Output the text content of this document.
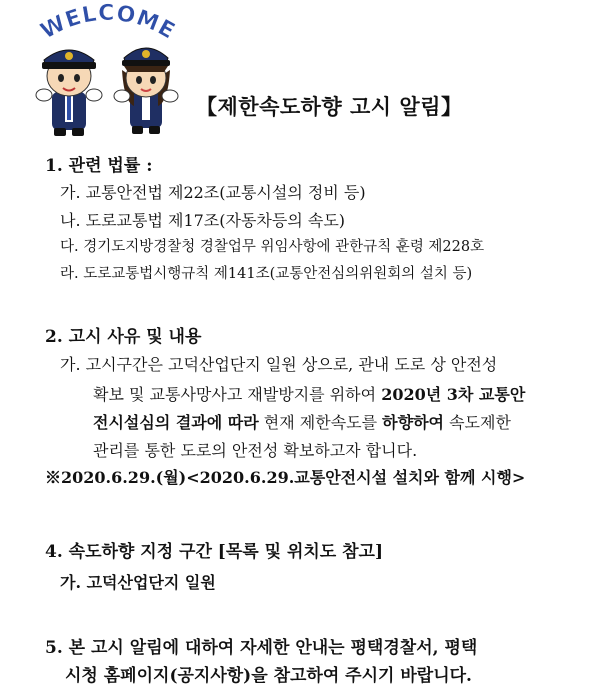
WELCOME
【제한속도하향 고시 알림】
1. 관련 법률 :
가. 교통안전법 제22조(교통시설의 정비 등)
나. 도로교통법 제17조(자동차등의 속도)
다. 경기도지방경찰청 경찰업무 위임사항에 관한규칙 훈령 제228호
라. 도로교통법시행규칙 제141조(교통안전심의위원회의 설치 등)
2. 고시 사유 및 내용
가. 고시구간은 고덕산업단지 일원 상으로, 관내 도로 상 안전성
확보 및 교통사망사고 재발방지를 위하여 2020년 3차 교통안
전시설심의 결과에 따라 현재 제한속도를 하향하여 속도제한
관리를 통한 도로의 안전성 확보하고자 합니다.
※2020.6.29.(월)<2020.6.29.교통안전시설 설치와 함께 시행>
4. 속도하향 지정 구간 [목록 및 위치도 참고]
가. 고덕산업단지 일원
5. 본 고시 알림에 대하여 자세한 안내는 평택경찰서, 평택
시청 홈페이지(공지사항)을 참고하여 주시기 바랍니다.
